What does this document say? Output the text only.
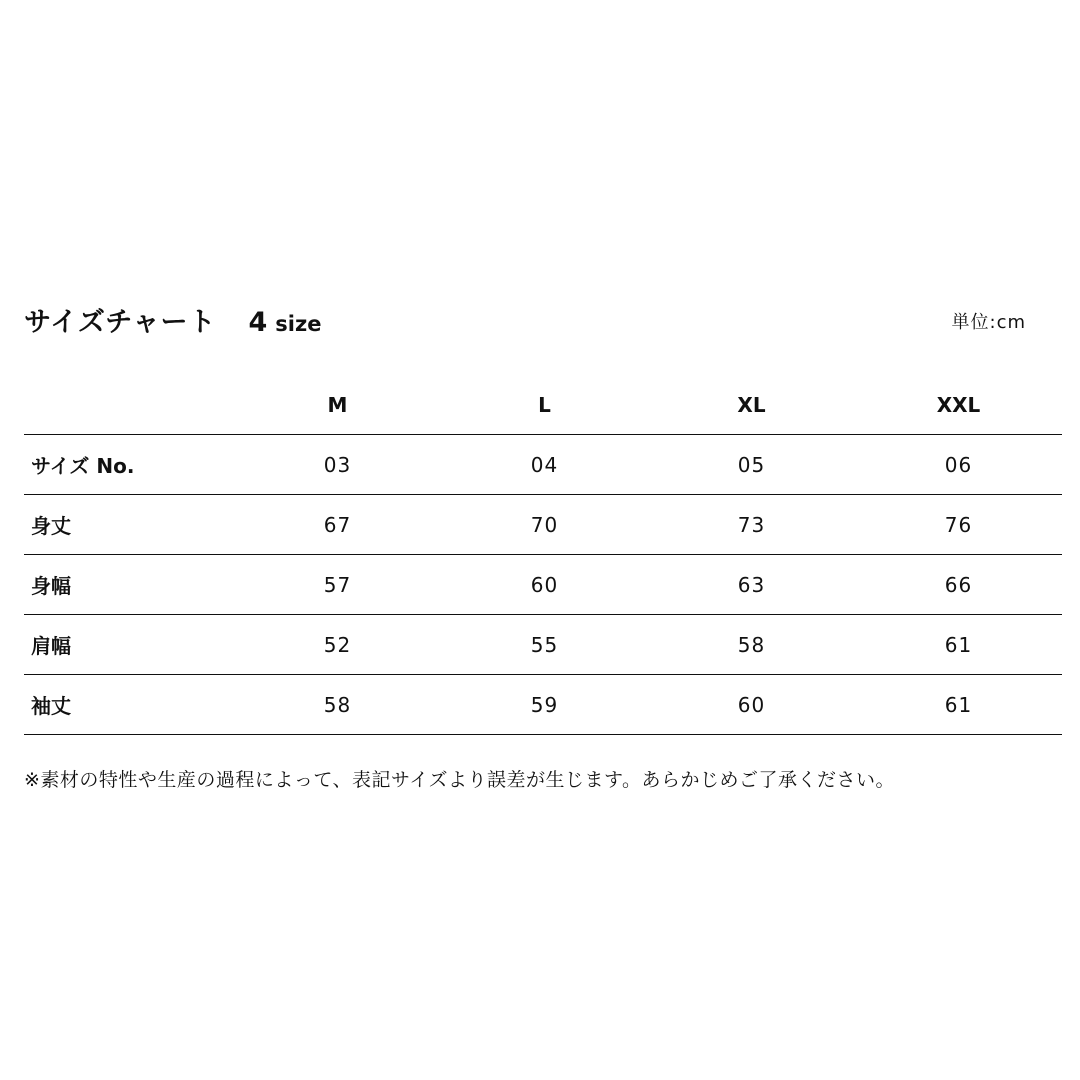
サイズチャート 4 size	単位:cm
	M	L	XL	XXL
サイズ No.	03	04	05	06
身丈	67	70	73	76
身幅	57	60	63	66
肩幅	52	55	58	61
袖丈	58	59	60	61
※素材の特性や生産の過程によって、表記サイズより誤差が生じます。あらかじめご了承ください。
